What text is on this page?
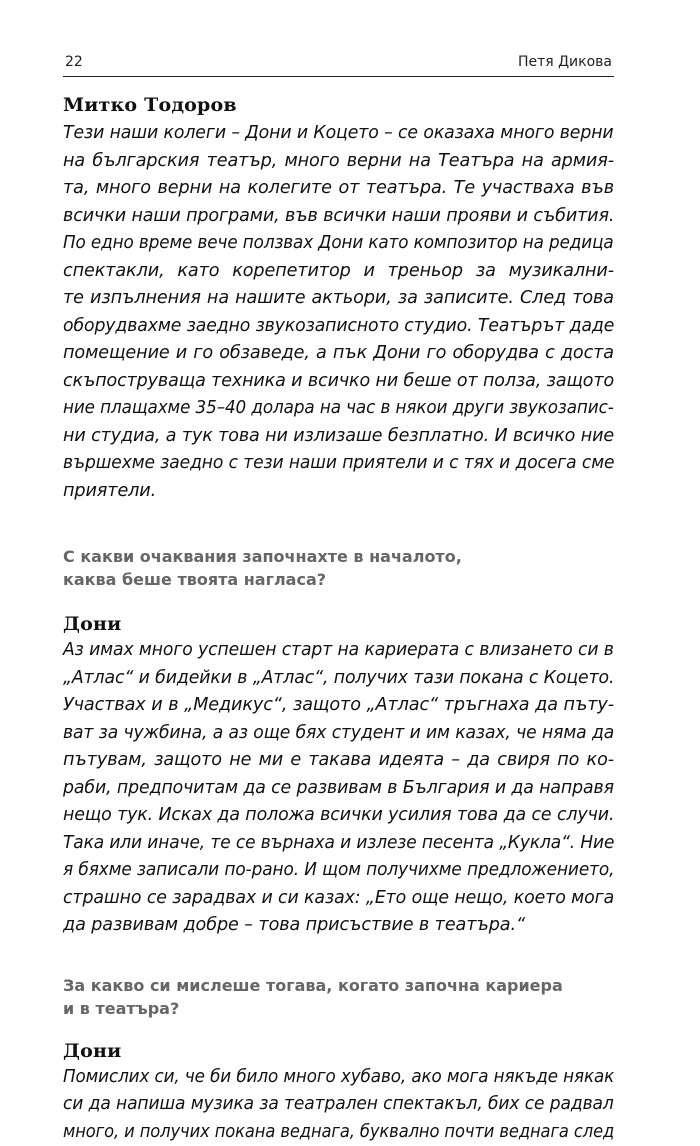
22	Петя Дикова
Митко Тодоров

Тези наши колеги – Дони и Коцето – се оказаха много верни

на българския театър, много верни на Театъра на армия-

та, много верни на колегите от театъра. Те участваха във

всички наши програми, във всички наши прояви и събития.

По едно време вече ползвах Дони като композитор на редица

спектакли, като корепетитор и треньор за музикални-

те изпълнения на нашите актьори, за записите. След това

оборудвахме заедно звукозаписното студио. Театърът даде

помещение и го обзаведе, а пък Дони го оборудва с доста

скъпоструваща техника и всичко ни беше от полза, защото

ние плащахме 35–40 долара на час в някои други звукозапис-

ни студиа, а тук това ни излизаше безплатно. И всичко ние

вършехме заедно с тези наши приятели и с тях и досега сме

приятели.

С какви очаквания започнахте в началото,

каква беше твоята нагласа?

Дони

Аз имах много успешен старт на кариерата с влизането си в

„Атлас“ и бидейки в „Атлас“, получих тази покана с Коцето.

Участвах и в „Медикус“, защото „Атлас“ тръгнаха да пъту-

ват за чужбина, а аз още бях студент и им казах, че няма да

пътувам, защото не ми е такава идеята – да свиря по ко-

раби, предпочитам да се развивам в България и да направя

нещо тук. Исках да положа всички усилия това да се случи.

Така или иначе, те се върнаха и излезе песента „Кукла“. Ние

я бяхме записали по-рано. И щом получихме предложението,

страшно се зарадвах и си казах: „Ето още нещо, което мога

да развивам добре – това присъствие в театъра.“

За какво си мислеше тогава, когато започна кариера

и в театъра?

Дони

Помислих си, че би било много хубаво, ако мога някъде някак

си да напиша музика за театрален спектакъл, бих се радвал

много, и получих покана веднага, буквално почти веднага след
